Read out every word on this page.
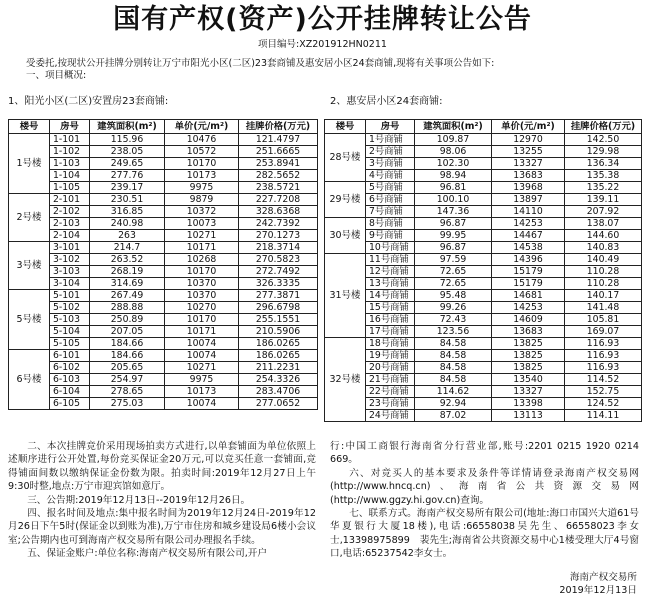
国有产权(资产)公开挂牌转让公告
项目编号:XZ201912HN0211
受委托,按现状公开挂牌分别转让万宁市阳光小区(二区)23套商铺及惠安居小区24套商铺,现将有关事项公告如下:
一、项目概况:
1、阳光小区(二区)安置房23套商铺:	2、惠安居小区24套商铺:
楼号	房号	建筑面积(m²)	单价(元/m²)	挂牌价格(万元)
1号楼	1-101	115.96	10476	121.4797
	1-102	238.05	10572	251.6665
	1-103	249.65	10170	253.8941
	1-104	277.76	10173	282.5652
	1-105	239.17	9975	238.5721
2号楼	2-101	230.51	9879	227.7208
	2-102	316.85	10372	328.6368
	2-103	240.98	10073	242.7392
	2-104	263	10271	270.1273
3号楼	3-101	214.7	10171	218.3714
	3-102	263.52	10268	270.5823
	3-103	268.19	10170	272.7492
	3-104	314.69	10370	326.3335
5号楼	5-101	267.49	10370	277.3871
	5-102	288.88	10270	296.6798
	5-103	250.89	10170	255.1551
	5-104	207.05	10171	210.5906
	5-105	184.66	10074	186.0265
6号楼	6-101	184.66	10074	186.0265
	6-102	205.65	10271	211.2231
	6-103	254.97	9975	254.3326
	6-104	278.65	10173	283.4706
	6-105	275.03	10074	277.0652
楼号	房号	建筑面积(m²)	单价(元/m²)	挂牌价格(万元)
28号楼	1号商铺	109.87	12970	142.50
	2号商铺	98.06	13255	129.98
	3号商铺	102.30	13327	136.34
	4号商铺	98.94	13683	135.38
29号楼	5号商铺	96.81	13968	135.22
	6号商铺	100.10	13897	139.11
	7号商铺	147.36	14110	207.92
30号楼	8号商铺	96.87	14253	138.07
	9号商铺	99.95	14467	144.60
	10号商铺	96.87	14538	140.83
31号楼	11号商铺	97.59	14396	140.49
	12号商铺	72.65	15179	110.28
	13号商铺	72.65	15179	110.28
	14号商铺	95.48	14681	140.17
	15号商铺	99.26	14253	141.48
	16号商铺	72.43	14609	105.81
	17号商铺	123.56	13683	169.07
32号楼	18号商铺	84.58	13825	116.93
	19号商铺	84.58	13825	116.93
	20号商铺	84.58	13825	116.93
	21号商铺	84.58	13540	114.52
	22号商铺	114.62	13327	152.75
	23号商铺	92.94	13398	124.52
	24号商铺	87.02	13113	114.11

二、本次挂牌竞价采用现场拍卖方式进行,以单套铺面为单位依照上述顺序进行公开处置,每份竞买保证金20万元,可以竞买任意一套铺面,竞得铺面间数以缴纳保证金份数为限。拍卖时间:2019年12月27日上午9:30时整,地点:万宁市迎宾馆如意厅。

三、公告期:2019年12月13日--2019年12月26日。

四、报名时间及地点:集中报名时间为2019年12月24日-2019年12月26日下午5时(保证金以到账为准),万宁市住房和城乡建设局6楼小会议室;公告期内也可到海南产权交易所有限公司办理报名手续。

五、保证金账户:单位名称:海南产权交易所有限公司,开户

行:中国工商银行海南省分行营业部,账号:2201 0215 1920 0214 669。

六、对竞买人的基本要求及条件等详情请登录海南产权交易网(http://www.hncq.cn)、海南省公共资源交易网(http://www.ggzy.hi.gov.cn)查询。

七、联系方式。海南产权交易所有限公司(地址:海口市国兴大道61号华夏银行大厦18楼),电话:66558038吴先生、66558023李女士,13398975899　裴先生;海南省公共资源交易中心1楼受理大厅4号窗口,电话:65237542李女士。

海南产权交易所
2019年12月13日
